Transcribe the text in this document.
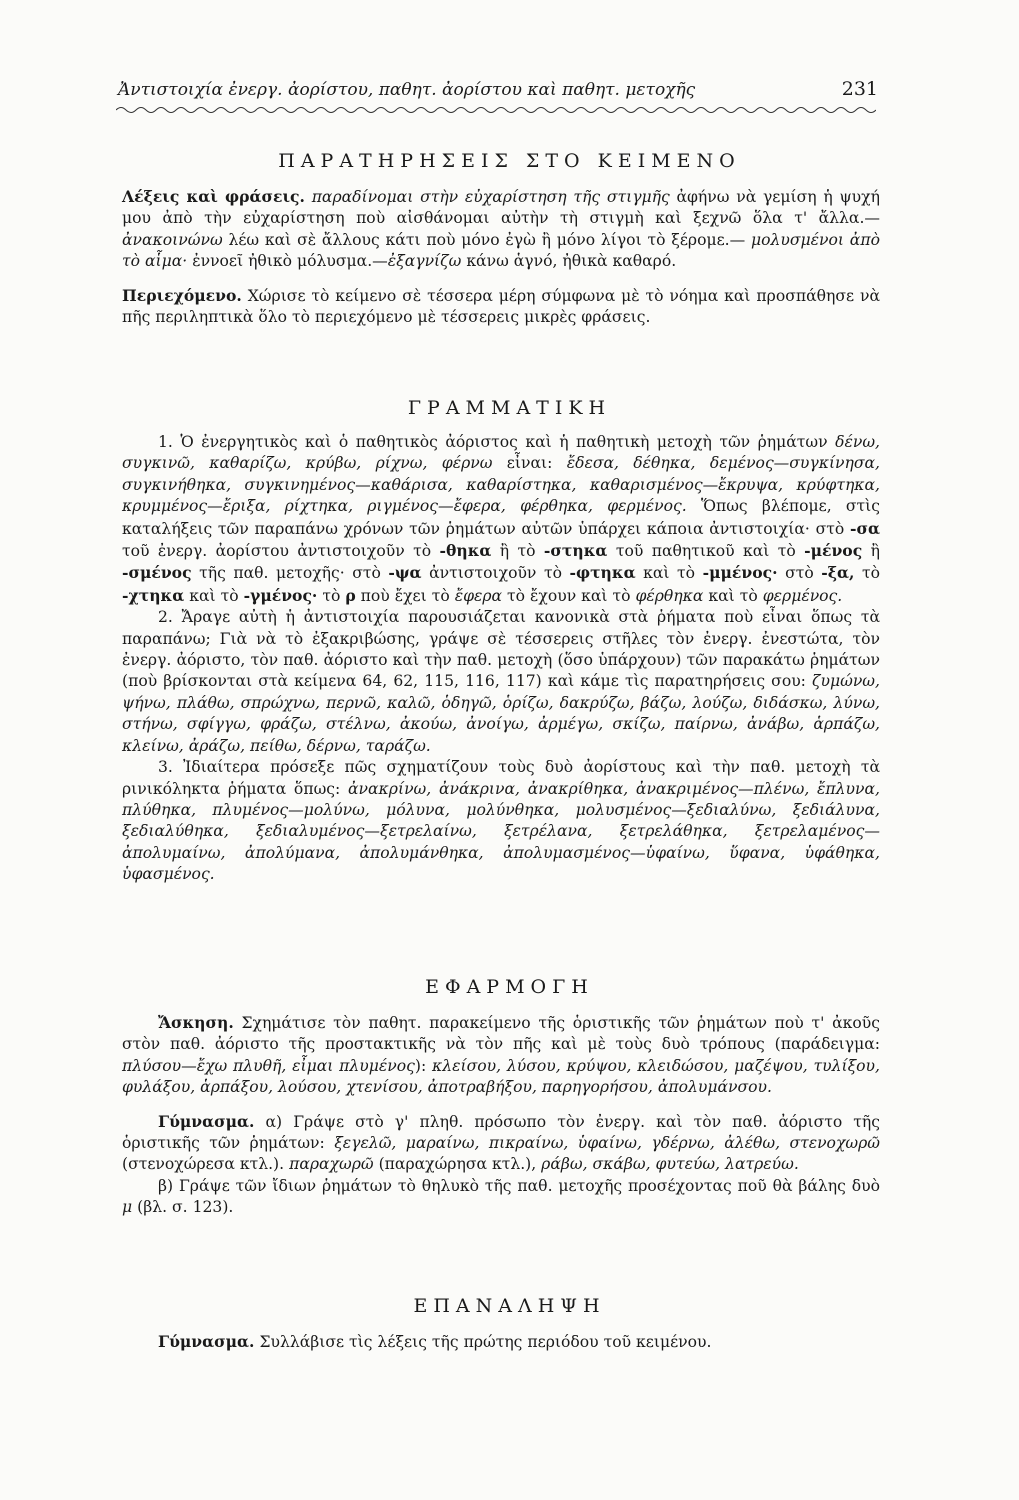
Ἀντιστοιχία ἐνεργ. ἀορίστου, παθητ. ἀορίστου καὶ παθητ. μετοχῆς	231
ΠΑΡΑΤΗΡΗΣΕΙΣ ΣΤΟ ΚΕΙΜΕΝΟ

Λέξεις καὶ φράσεις. παραδίνομαι στὴν εὐχαρίστηση τῆς στιγμῆς ἀφήνω νὰ γεμίση ἡ ψυχή μου ἀπὸ τὴν εὐχαρίστηση ποὺ αἰσθάνομαι αὐτὴν τὴ στιγμὴ καὶ ξεχνῶ ὅλα τ' ἄλλα.—ἀνακοινώνω λέω καὶ σὲ ἄλλους κάτι ποὺ μόνο ἐγὼ ἢ μόνο λίγοι τὸ ξέρομε.— μολυσμένοι ἀπὸ τὸ αἷμα· ἐννοεῖ ἠθικὸ μόλυσμα.—ἐξαγνίζω κάνω ἁγνό, ἠθικὰ καθαρό.

Περιεχόμενο. Χώρισε τὸ κείμενο σὲ τέσσερα μέρη σύμφωνα μὲ τὸ νόημα καὶ προσπάθησε νὰ πῆς περιληπτικὰ ὅλο τὸ περιεχόμενο μὲ τέσσερεις μικρὲς φράσεις.

ΓΡΑΜΜΑΤΙΚΗ

1. Ὁ ἐνεργητικὸς καὶ ὁ παθητικὸς ἀόριστος καὶ ἡ παθητικὴ μετοχὴ τῶν ῥημάτων δένω, συγκινῶ, καθαρίζω, κρύβω, ρίχνω, φέρνω εἶναι: ἔδεσα, δέθηκα, δεμένος—συγκίνησα, συγκινήθηκα, συγκινημένος—καθάρισα, καθαρίστηκα, καθαρισμένος—ἔκρυψα, κρύφτηκα, κρυμμένος—ἔριξα, ρίχτηκα, ριγμένος—ἔφερα, φέρθηκα, φερμένος. Ὅπως βλέπομε, στὶς καταλήξεις τῶν παραπάνω χρόνων τῶν ῥημάτων αὐτῶν ὑπάρχει κάποια ἀντιστοιχία· στὸ -σα τοῦ ἐνεργ. ἀορίστου ἀντιστοιχοῦν τὸ -θηκα ἢ τὸ -στηκα τοῦ παθητικοῦ καὶ τὸ -μένος ἢ -σμένος τῆς παθ. μετοχῆς· στὸ -ψα ἀντιστοιχοῦν τὸ -φτηκα καὶ τὸ -μμένος· στὸ -ξα, τὸ -χτηκα καὶ τὸ -γμένος· τὸ ρ ποὺ ἔχει τὸ ἔφερα τὸ ἔχουν καὶ τὸ φέρθηκα καὶ τὸ φερμένος.

2. Ἄραγε αὐτὴ ἡ ἀντιστοιχία παρουσιάζεται κανονικὰ στὰ ῥήματα ποὺ εἶναι ὅπως τὰ παραπάνω; Γιὰ νὰ τὸ ἐξακριβώσης, γράψε σὲ τέσσερεις στῆλες τὸν ἐνεργ. ἐνεστώτα, τὸν ἐνεργ. ἀόριστο, τὸν παθ. ἀόριστο καὶ τὴν παθ. μετοχὴ (ὅσο ὑπάρχουν) τῶν παρακάτω ῥημάτων (ποὺ βρίσκονται στὰ κείμενα 64, 62, 115, 116, 117) καὶ κάμε τὶς παρατηρήσεις σου: ζυμώνω, ψήνω, πλάθω, σπρώχνω, περνῶ, καλῶ, ὁδηγῶ, ὁρίζω, δακρύζω, βάζω, λούζω, διδάσκω, λύνω, στήνω, σφίγγω, φράζω, στέλνω, ἀκούω, ἀνοίγω, ἀρμέγω, σκίζω, παίρνω, ἀνάβω, ἁρπάζω, κλείνω, ἀράζω, πείθω, δέρνω, ταράζω.

3. Ἰδιαίτερα πρόσεξε πῶς σχηματίζουν τοὺς δυὸ ἀορίστους καὶ τὴν παθ. μετοχὴ τὰ ρινικόληκτα ῥήματα ὅπως: ἀνακρίνω, ἀνάκρινα, ἀνακρίθηκα, ἀνακριμένος—πλένω, ἔπλυνα, πλύθηκα, πλυμένος—μολύνω, μόλυνα, μολύνθηκα, μολυσμένος—ξεδιαλύνω, ξεδιάλυνα, ξεδιαλύθηκα, ξεδιαλυμένος—ξετρελαίνω, ξετρέλανα, ξετρελάθηκα, ξετρελαμένος—ἀπολυμαίνω, ἀπολύμανα, ἀπολυμάνθηκα, ἀπολυμασμένος—ὑφαίνω, ὕφανα, ὑφάθηκα, ὑφασμένος.

ΕΦΑΡΜΟΓΗ

Ἄσκηση. Σχημάτισε τὸν παθητ. παρακείμενο τῆς ὁριστικῆς τῶν ῥημάτων ποὺ τ' ἀκοῦς στὸν παθ. ἀόριστο τῆς προστακτικῆς νὰ τὸν πῆς καὶ μὲ τοὺς δυὸ τρόπους (παράδειγμα: πλύσου—ἔχω πλυθῆ, εἶμαι πλυμένος): κλείσου, λύσου, κρύψου, κλειδώσου, μαζέψου, τυλίξου, φυλάξου, ἁρπάξου, λούσου, χτενίσου, ἀποτραβήξου, παρηγορήσου, ἀπολυμάνσου.

Γύμνασμα. α) Γράψε στὸ γ' πληθ. πρόσωπο τὸν ἐνεργ. καὶ τὸν παθ. ἀόριστο τῆς ὁριστικῆς τῶν ῥημάτων: ξεγελῶ, μαραίνω, πικραίνω, ὑφαίνω, γδέρνω, ἀλέθω, στενοχωρῶ (στενοχώρεσα κτλ.). παραχωρῶ (παραχώρησα κτλ.), ράβω, σκάβω, φυτεύω, λατρεύω.

β) Γράψε τῶν ἴδιων ῥημάτων τὸ θηλυκὸ τῆς παθ. μετοχῆς προσέχοντας ποῦ θὰ βάλης δυὸ μ (βλ. σ. 123).

ΕΠΑΝΑΛΗΨΗ

Γύμνασμα. Συλλάβισε τὶς λέξεις τῆς πρώτης περιόδου τοῦ κειμένου.
